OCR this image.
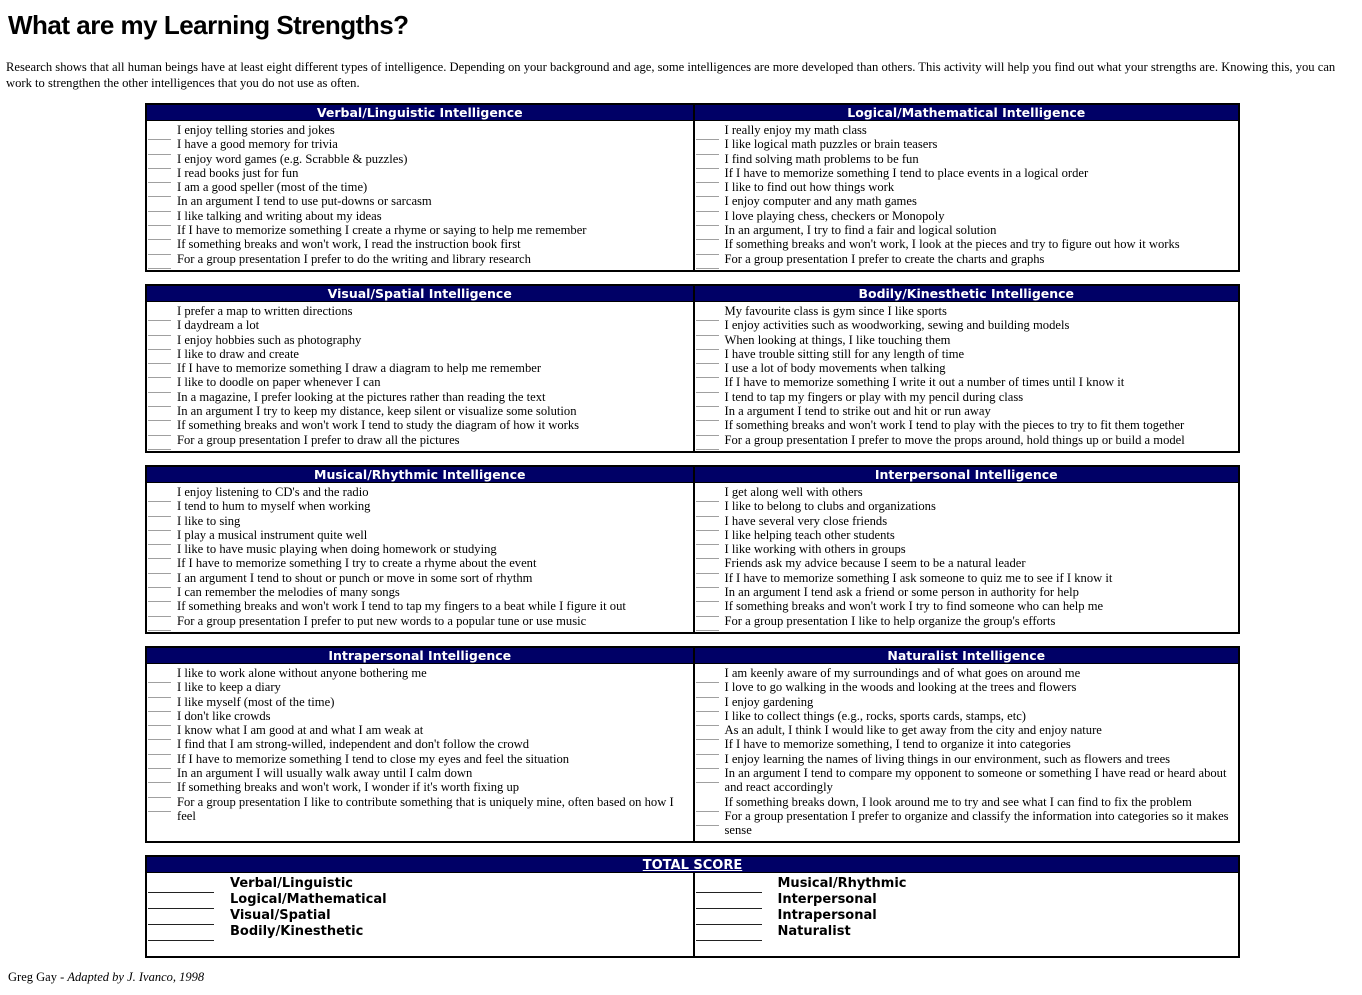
What are my Learning Strengths?

Research shows that all human beings have at least eight different types of intelligence. Depending on your background and age, some intelligences are more developed than others. This activity will help you find out what your strengths are. Knowing this, you can work to strengthen the other intelligences that you do not use as often.

Verbal/Linguistic Intelligence
I enjoy telling stories and jokes
I have a good memory for trivia
I enjoy word games (e.g. Scrabble & puzzles)
I read books just for fun
I am a good speller (most of the time)
In an argument I tend to use put-downs or sarcasm
I like talking and writing about my ideas
If I have to memorize something I create a rhyme or saying to help me remember
If something breaks and won't work, I read the instruction book first
For a group presentation I prefer to do the writing and library research
Logical/Mathematical Intelligence
I really enjoy my math class
I like logical math puzzles or brain teasers
I find solving math problems to be fun
If I have to memorize something I tend to place events in a logical order
I like to find out how things work
I enjoy computer and any math games
I love playing chess, checkers or Monopoly
In an argument, I try to find a fair and logical solution
If something breaks and won't work, I look at the pieces and try to figure out how it works
For a group presentation I prefer to create the charts and graphs
Visual/Spatial Intelligence
I prefer a map to written directions
I daydream a lot
I enjoy hobbies such as photography
I like to draw and create
If I have to memorize something I draw a diagram to help me remember
I like to doodle on paper whenever I can
In a magazine, I prefer looking at the pictures rather than reading the text
In an argument I try to keep my distance, keep silent or visualize some solution
If something breaks and won't work I tend to study the diagram of how it works
For a group presentation I prefer to draw all the pictures
Bodily/Kinesthetic Intelligence
My favourite class is gym since I like sports
I enjoy activities such as woodworking, sewing and building models
When looking at things, I like touching them
I have trouble sitting still for any length of time
I use a lot of body movements when talking
If I have to memorize something I write it out a number of times until I know it
I tend to tap my fingers or play with my pencil during class
In a argument I tend to strike out and hit or run away
If something breaks and won't work I tend to play with the pieces to try to fit them together
For a group presentation I prefer to move the props around, hold things up or build a model
Musical/Rhythmic Intelligence
I enjoy listening to CD's and the radio
I tend to hum to myself when working
I like to sing
I play a musical instrument quite well
I like to have music playing when doing homework or studying
If I have to memorize something I try to create a rhyme about the event
I an argument I tend to shout or punch or move in some sort of rhythm
I can remember the melodies of many songs
If something breaks and won't work I tend to tap my fingers to a beat while I figure it out
For a group presentation I prefer to put new words to a popular tune or use music
Interpersonal Intelligence
I get along well with others
I like to belong to clubs and organizations
I have several very close friends
I like helping teach other students
I like working with others in groups
Friends ask my advice because I seem to be a natural leader
If I have to memorize something I ask someone to quiz me to see if I know it
In an argument I tend ask a friend or some person in authority for help
If something breaks and won't work I try to find someone who can help me
For a group presentation I like to help organize the group's efforts
Intrapersonal Intelligence
I like to work alone without anyone bothering me
I like to keep a diary
I like myself (most of the time)
I don't like crowds
I know what I am good at and what I am weak at
I find that I am strong-willed, independent and don't follow the crowd
If I have to memorize something I tend to close my eyes and feel the situation
In an argument I will usually walk away until I calm down
If something breaks and won't work, I wonder if it's worth fixing up
For a group presentation I like to contribute something that is uniquely mine, often based on how I feel
Naturalist Intelligence
I am keenly aware of my surroundings and of what goes on around me
I love to go walking in the woods and looking at the trees and flowers
I enjoy gardening
I like to collect things (e.g., rocks, sports cards, stamps, etc)
As an adult, I think I would like to get away from the city and enjoy nature
If I have to memorize something, I tend to organize it into categories
I enjoy learning the names of living things in our environment, such as flowers and trees
In an argument I tend to compare my opponent to someone or something I have read or heard about and react accordingly
If something breaks down, I look around me to try and see what I can find to fix the problem
For a group presentation I prefer to organize and classify the information into categories so it makes sense
TOTAL SCORE
Verbal/Linguistic
Logical/Mathematical
Visual/Spatial
Bodily/Kinesthetic
Musical/Rhythmic
Interpersonal
Intrapersonal
Naturalist

Greg Gay - Adapted by J. Ivanco, 1998
